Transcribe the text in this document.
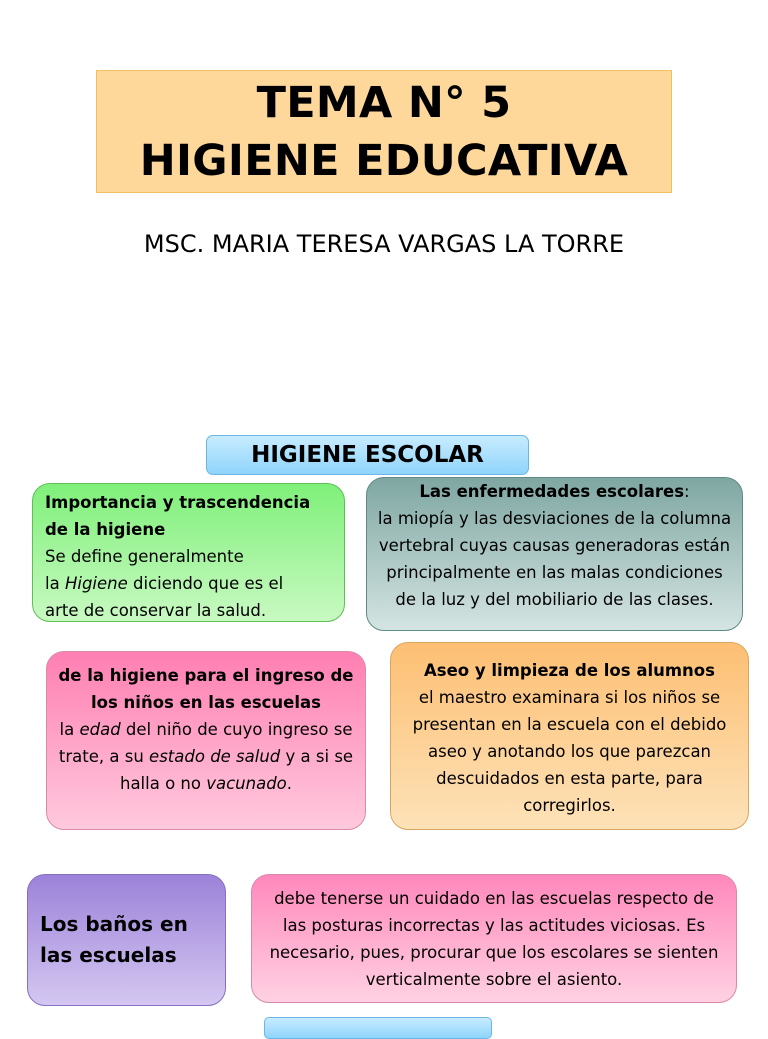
TEMA N° 5
HIGIENE EDUCATIVA
MSC. MARIA TERESA VARGAS LA TORRE
HIGIENE ESCOLAR
Importancia y trascendencia
de la higiene
Se define generalmente
la Higiene diciendo que es el
arte de conservar la salud.
Las enfermedades escolares:
la miopía y las desviaciones de la columna vertebral cuyas causas generadoras están principalmente en las malas condiciones de la luz y del mobiliario de las clases.
de la higiene para el ingreso de los niños en las escuelas
la edad del niño de cuyo ingreso se trate, a su estado de salud y a si se halla o no vacunado.
Aseo y limpieza de los alumnos
el maestro examinara si los niños se presentan en la escuela con el debido aseo y anotando los que parezcan descuidados en esta parte, para corregirlos.
Los baños en las escuelas
debe tenerse un cuidado en las escuelas respecto de las posturas incorrectas y las actitudes viciosas. Es necesario, pues, procurar que los escolares se sienten verticalmente sobre el asiento.
